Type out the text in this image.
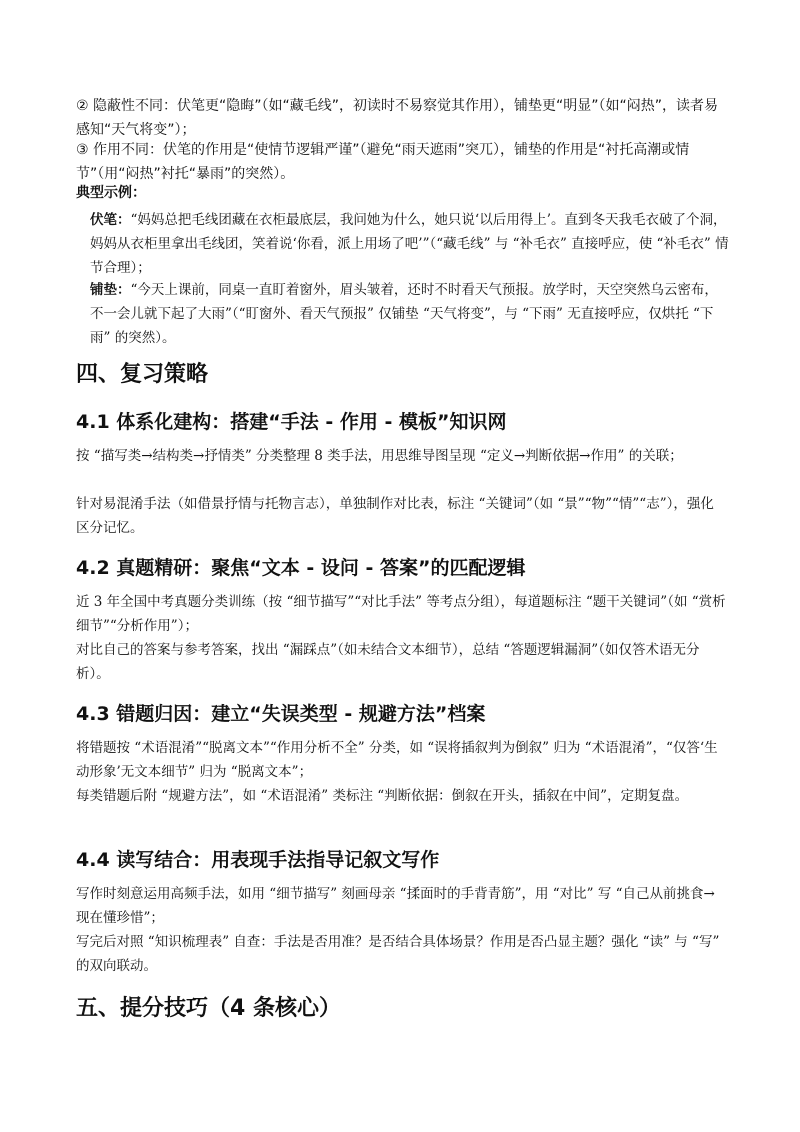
② 隐蔽性不同：伏笔更“隐晦”（如“藏毛线”，初读时不易察觉其作用），铺垫更“明显”（如“闷热”，读者易感知“天气将变”）；

③ 作用不同：伏笔的作用是“使情节逻辑严谨”（避免“雨天遮雨”突兀），铺垫的作用是“衬托高潮或情节”（用“闷热”衬托“暴雨”的突然）。

典型示例：

伏笔：“妈妈总把毛线团藏在衣柜最底层，我问她为什么，她只说‘以后用得上’。直到冬天我毛衣破了个洞，妈妈从衣柜里拿出毛线团，笑着说‘你看，派上用场了吧’”（“藏毛线” 与 “补毛衣” 直接呼应，使 “补毛衣” 情节合理）；

铺垫：“今天上课前，同桌一直盯着窗外，眉头皱着，还时不时看天气预报。放学时，天空突然乌云密布，不一会儿就下起了大雨”（“盯窗外、看天气预报” 仅铺垫 “天气将变”，与 “下雨” 无直接呼应，仅烘托 “下雨” 的突然）。

四、复习策略
4.1 体系化建构：搭建“手法 - 作用 - 模板”知识网

按 “描写类→结构类→抒情类” 分类整理 8 类手法，用思维导图呈现 “定义→判断依据→作用” 的关联；

针对易混淆手法（如借景抒情与托物言志），单独制作对比表，标注 “关键词”（如 “景”“物”“情”“志”），强化区分记忆。

4.2 真题精研：聚焦“文本 - 设问 - 答案”的匹配逻辑

近 3 年全国中考真题分类训练（按 “细节描写”“对比手法” 等考点分组），每道题标注 “题干关键词”（如 “赏析细节”“分析作用”）；

对比自己的答案与参考答案，找出 “漏踩点”（如未结合文本细节），总结 “答题逻辑漏洞”（如仅答术语无分析）。

4.3 错题归因：建立“失误类型 - 规避方法”档案

将错题按 “术语混淆”“脱离文本”“作用分析不全” 分类，如 “误将插叙判为倒叙” 归为 “术语混淆”，“仅答‘生动形象’无文本细节” 归为 “脱离文本”；

每类错题后附 “规避方法”，如 “术语混淆” 类标注 “判断依据：倒叙在开头，插叙在中间”，定期复盘。

4.4 读写结合：用表现手法指导记叙文写作

写作时刻意运用高频手法，如用 “细节描写” 刻画母亲 “揉面时的手背青筋”，用 “对比” 写 “自己从前挑食→现在懂珍惜”；

写完后对照 “知识梳理表” 自查：手法是否用准？是否结合具体场景？作用是否凸显主题？强化 “读” 与 “写” 的双向联动。

五、提分技巧（4 条核心）
